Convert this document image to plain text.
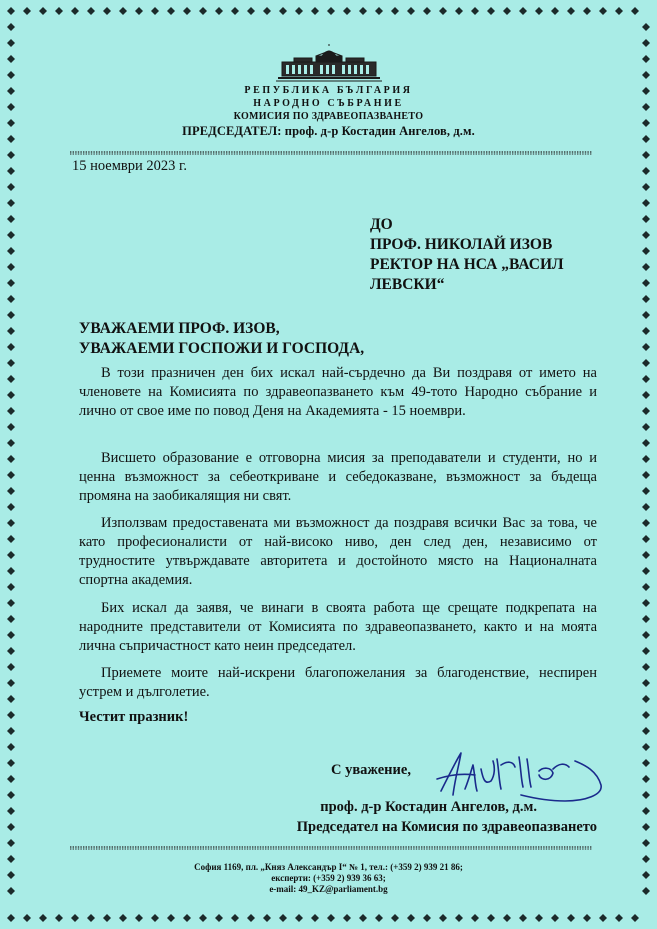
РЕПУБЛИКА БЪЛГАРИЯ
НАРОДНО СЪБРАНИЕ
КОМИСИЯ ПО ЗДРАВЕОПАЗВАНЕТО
ПРЕДСЕДАТЕЛ: проф. д-р Костадин Ангелов, д.м.
15 ноември 2023 г.
ДО
ПРОФ. НИКОЛАЙ ИЗОВ
РЕКТОР НА НСА „ВАСИЛ
ЛЕВСКИ“
УВАЖАЕМИ ПРОФ. ИЗОВ,
УВАЖАЕМИ ГОСПОЖИ И ГОСПОДА,
В този празничен ден бих искал най-сърдечно да Ви поздравя от името на членовете на Комисията по здравеопазването към 49-тото Народно събрание и лично от свое име по повод Деня на Академията - 15 ноември.
Висшето образование е отговорна мисия за преподаватели и студенти, но и ценна възможност за себеоткриване и себедоказване, възможност за бъдеща промяна на заобикалящия ни свят.
Използвам предоставената ми възможност да поздравя всички Вас за това, че като професионалисти от най-високо ниво, ден след ден, независимо от трудностите утвърждавате авторитета и достойното място на Националната спортна академия.
Бих искал да заявя, че винаги в своята работа ще срещате подкрепата на народните представители от Комисията по здравеопазването, както и на моята лична съпричастност като неин председател.
Приемете моите най-искрени благопожелания за благоденствие, неспирен устрем и дълголетие.
Честит празник!
С уважение,
проф. д-р Костадин Ангелов, д.м.
Председател на Комисия по здравеопазването
София 1169, пл. „Княз Александър I“ № 1, тел.: (+359 2) 939 21 86;
експерти: (+359 2) 939 36 63;
e-mail: 49_KZ@parliament.bg
